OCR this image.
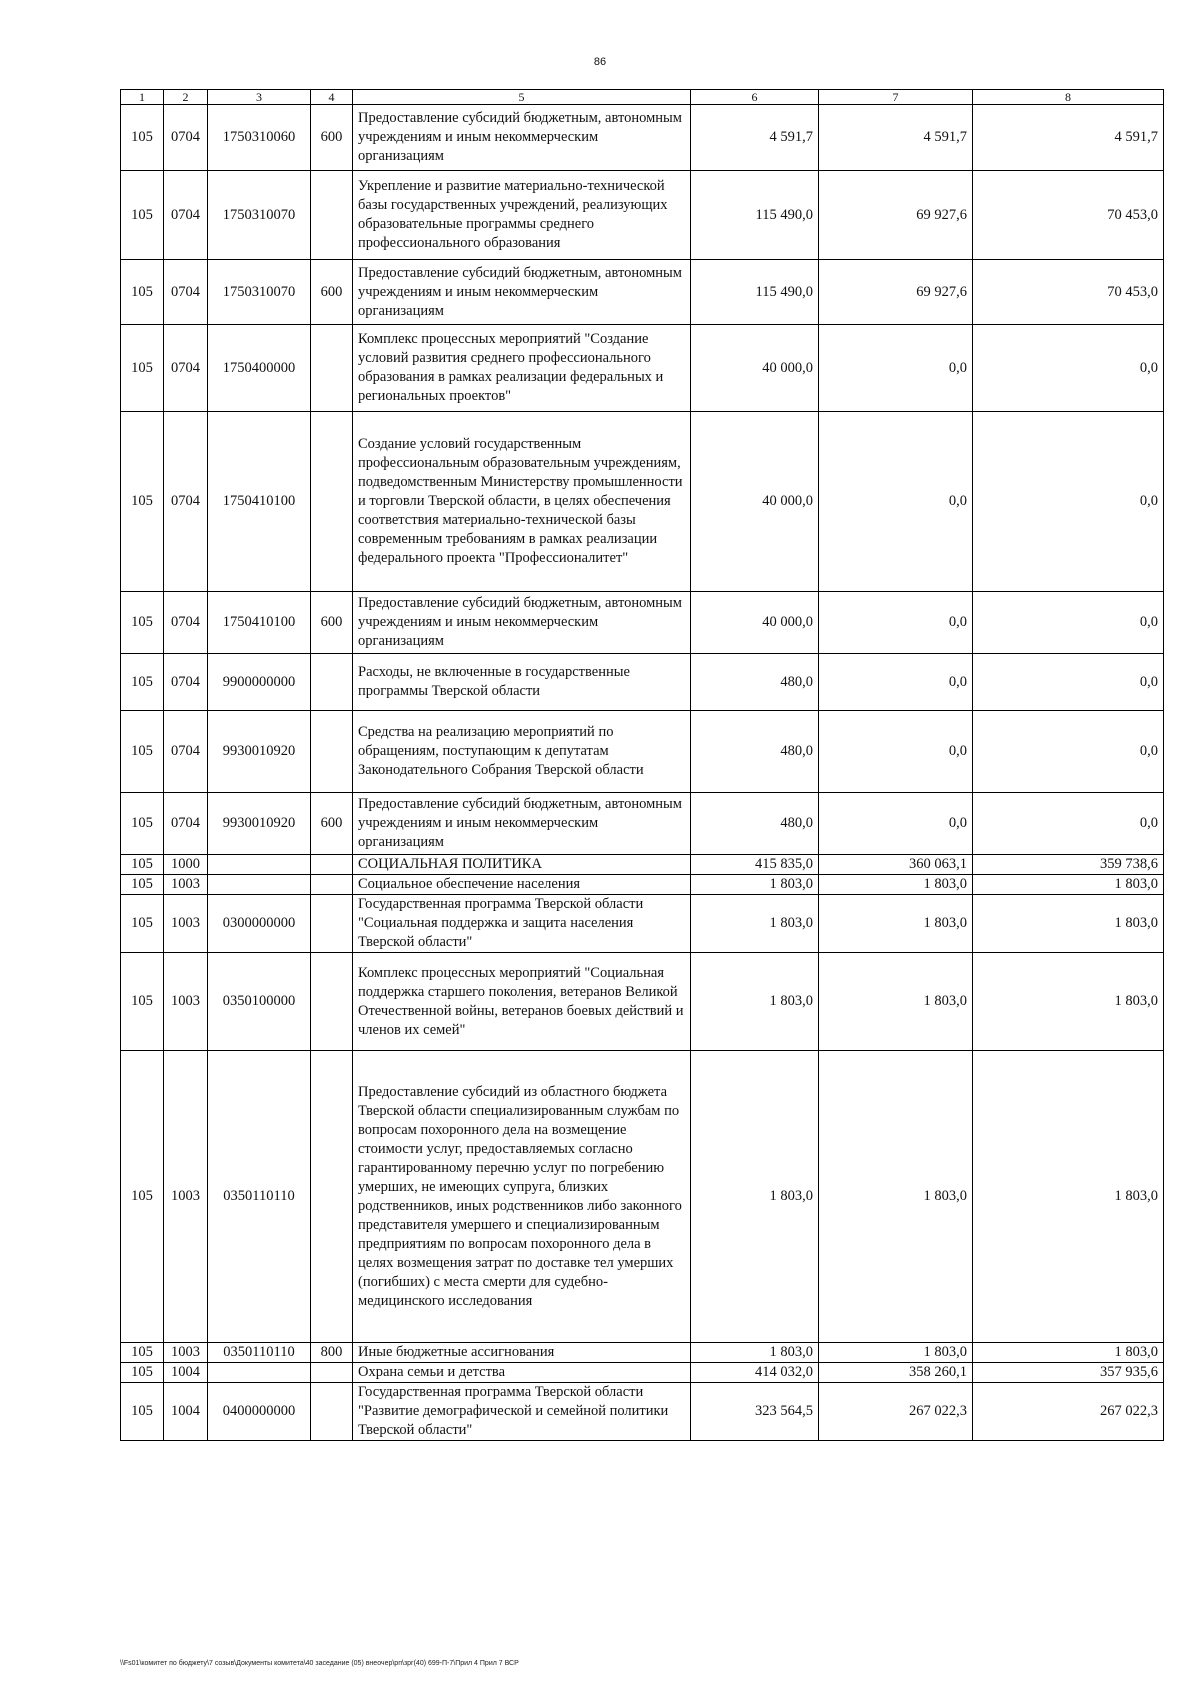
86
1	2	3	4	5	6	7	8
105	0704	1750310060	600	Предоставление субсидий бюджетным, автономным учреждениям и иным некоммерческим организациям	4 591,7	4 591,7	4 591,7
105	0704	1750310070		Укрепление и развитие материально-технической базы государственных учреждений, реализующих образовательные программы среднего профессионального образования	115 490,0	69 927,6	70 453,0
105	0704	1750310070	600	Предоставление субсидий бюджетным, автономным учреждениям и иным некоммерческим организациям	115 490,0	69 927,6	70 453,0
105	0704	1750400000		Комплекс процессных мероприятий "Создание условий развития среднего профессионального образования в рамках реализации федеральных и региональных проектов"	40 000,0	0,0	0,0
105	0704	1750410100		Создание условий государственным профессиональным образовательным учреждениям, подведомственным Министерству промышленности и торговли Тверской области, в целях обеспечения соответствия материально-технической базы современным требованиям в рамках реализации федерального проекта "Профессионалитет"	40 000,0	0,0	0,0
105	0704	1750410100	600	Предоставление субсидий бюджетным, автономным учреждениям и иным некоммерческим организациям	40 000,0	0,0	0,0
105	0704	9900000000		Расходы, не включенные в государственные программы Тверской области	480,0	0,0	0,0
105	0704	9930010920		Средства на реализацию мероприятий по обращениям, поступающим к депутатам Законодательного Собрания Тверской области	480,0	0,0	0,0
105	0704	9930010920	600	Предоставление субсидий бюджетным, автономным учреждениям и иным некоммерческим организациям	480,0	0,0	0,0
105	1000			СОЦИАЛЬНАЯ ПОЛИТИКА	415 835,0	360 063,1	359 738,6
105	1003			Социальное обеспечение населения	1 803,0	1 803,0	1 803,0
105	1003	0300000000		Государственная программа Тверской области "Социальная поддержка и защита населения Тверской области"	1 803,0	1 803,0	1 803,0
105	1003	0350100000		Комплекс процессных мероприятий "Социальная поддержка старшего поколения, ветеранов Великой Отечественной войны, ветеранов боевых действий и членов их семей"	1 803,0	1 803,0	1 803,0
105	1003	0350110110		Предоставление субсидий из областного бюджета Тверской области специализированным службам по вопросам похоронного дела на возмещение стоимости услуг, предоставляемых согласно гарантированному перечню услуг по погребению умерших, не имеющих супруга, близких родственников, иных родственников либо законного представителя умершего и специализированным предприятиям по вопросам похоронного дела в целях возмещения затрат по доставке тел умерших (погибших) с места смерти для судебно-медицинского исследования	1 803,0	1 803,0	1 803,0
105	1003	0350110110	800	Иные бюджетные ассигнования	1 803,0	1 803,0	1 803,0
105	1004			Охрана семьи и детства	414 032,0	358 260,1	357 935,6
105	1004	0400000000		Государственная программа Тверской области "Развитие демографической и семейной политики Тверской области"	323 564,5	267 022,3	267 022,3
\\Fs01\комитет по бюджету\7 созыв\Документы комитета\40 заседание (05) внеочер\рп\зрг(40) 699-П-7\Прил 4 Прил 7 ВСР
